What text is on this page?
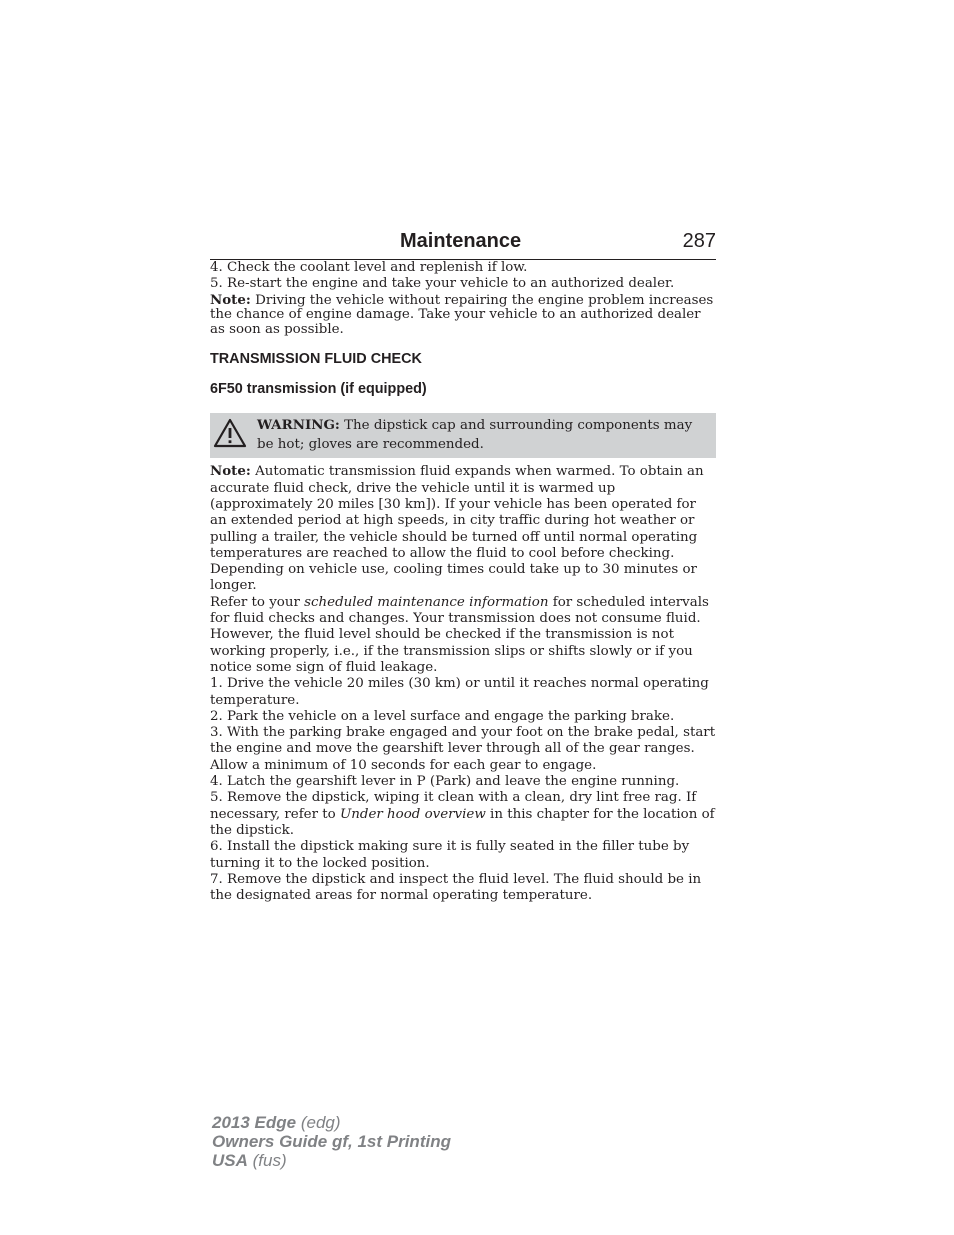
Maintenance	287

4. Check the coolant level and replenish if low.

5. Re-start the engine and take your vehicle to an authorized dealer.

Note: Driving the vehicle without repairing the engine problem increases the chance of engine damage. Take your vehicle to an authorized dealer as soon as possible.

TRANSMISSION FLUID CHECK
6F50 transmission (if equipped)
WARNING: The dipstick cap and surrounding components may be hot; gloves are recommended.

Note: Automatic transmission fluid expands when warmed. To obtain an accurate fluid check, drive the vehicle until it is warmed up (approximately 20 miles [30 km]). If your vehicle has been operated for an extended period at high speeds, in city traffic during hot weather or pulling a trailer, the vehicle should be turned off until normal operating temperatures are reached to allow the fluid to cool before checking. Depending on vehicle use, cooling times could take up to 30 minutes or longer.

Refer to your scheduled maintenance information for scheduled intervals for fluid checks and changes. Your transmission does not consume fluid. However, the fluid level should be checked if the transmission is not working properly, i.e., if the transmission slips or shifts slowly or if you notice some sign of fluid leakage.

1. Drive the vehicle 20 miles (30 km) or until it reaches normal operating temperature.

2. Park the vehicle on a level surface and engage the parking brake.

3. With the parking brake engaged and your foot on the brake pedal, start the engine and move the gearshift lever through all of the gear ranges. Allow a minimum of 10 seconds for each gear to engage.

4. Latch the gearshift lever in P (Park) and leave the engine running.

5. Remove the dipstick, wiping it clean with a clean, dry lint free rag. If necessary, refer to Under hood overview in this chapter for the location of the dipstick.

6. Install the dipstick making sure it is fully seated in the filler tube by turning it to the locked position.

7. Remove the dipstick and inspect the fluid level. The fluid should be in the designated areas for normal operating temperature.

2013 Edge (edg)
Owners Guide gf, 1st Printing
USA (fus)
